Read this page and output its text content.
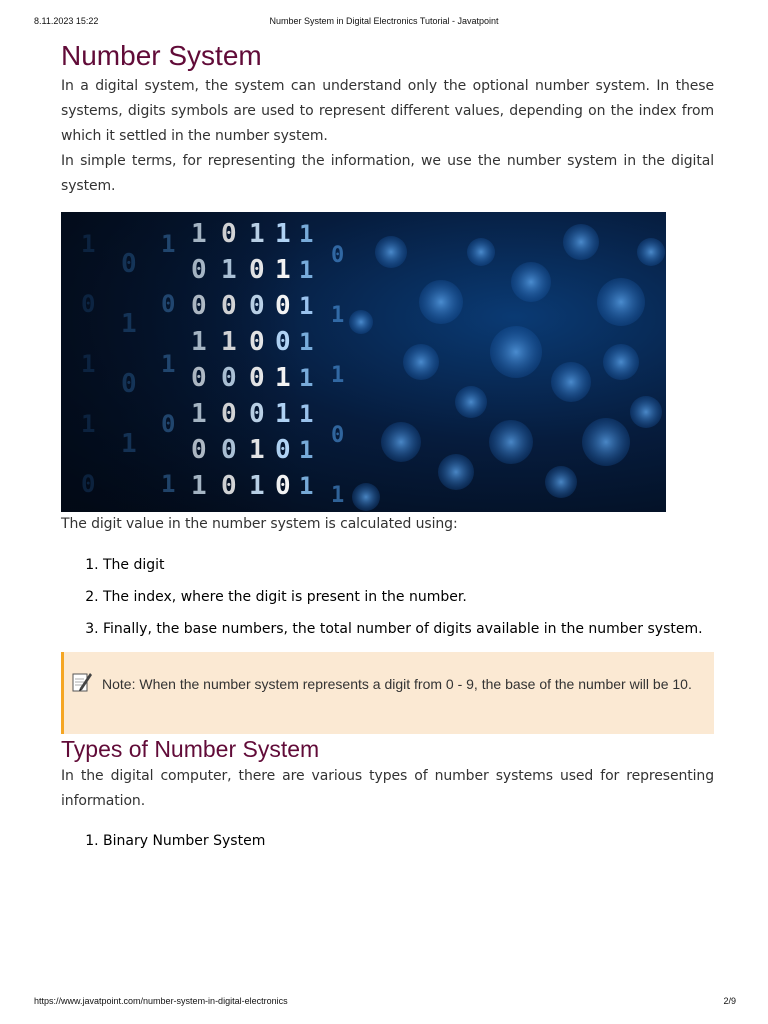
8.11.2023 15:22	Number System in Digital Electronics Tutorial - Javatpoint
Number System

In a digital system, the system can understand only the optional number system. In these systems, digits symbols are used to represent different values, depending on the index from which it settled in the number system.

In simple terms, for representing the information, we use the number system in the digital system.

The digit value in the number system is calculated using:

1. The digit
2. The index, where the digit is present in the number.
3. Finally, the base numbers, the total number of digits available in the number system.
Note: When the number system represents a digit from 0 - 9, the base of the number will be 10.
Types of Number System

In the digital computer, there are various types of number systems used for representing information.

1. Binary Number System
https://www.javatpoint.com/number-system-in-digital-electronics	2/9
